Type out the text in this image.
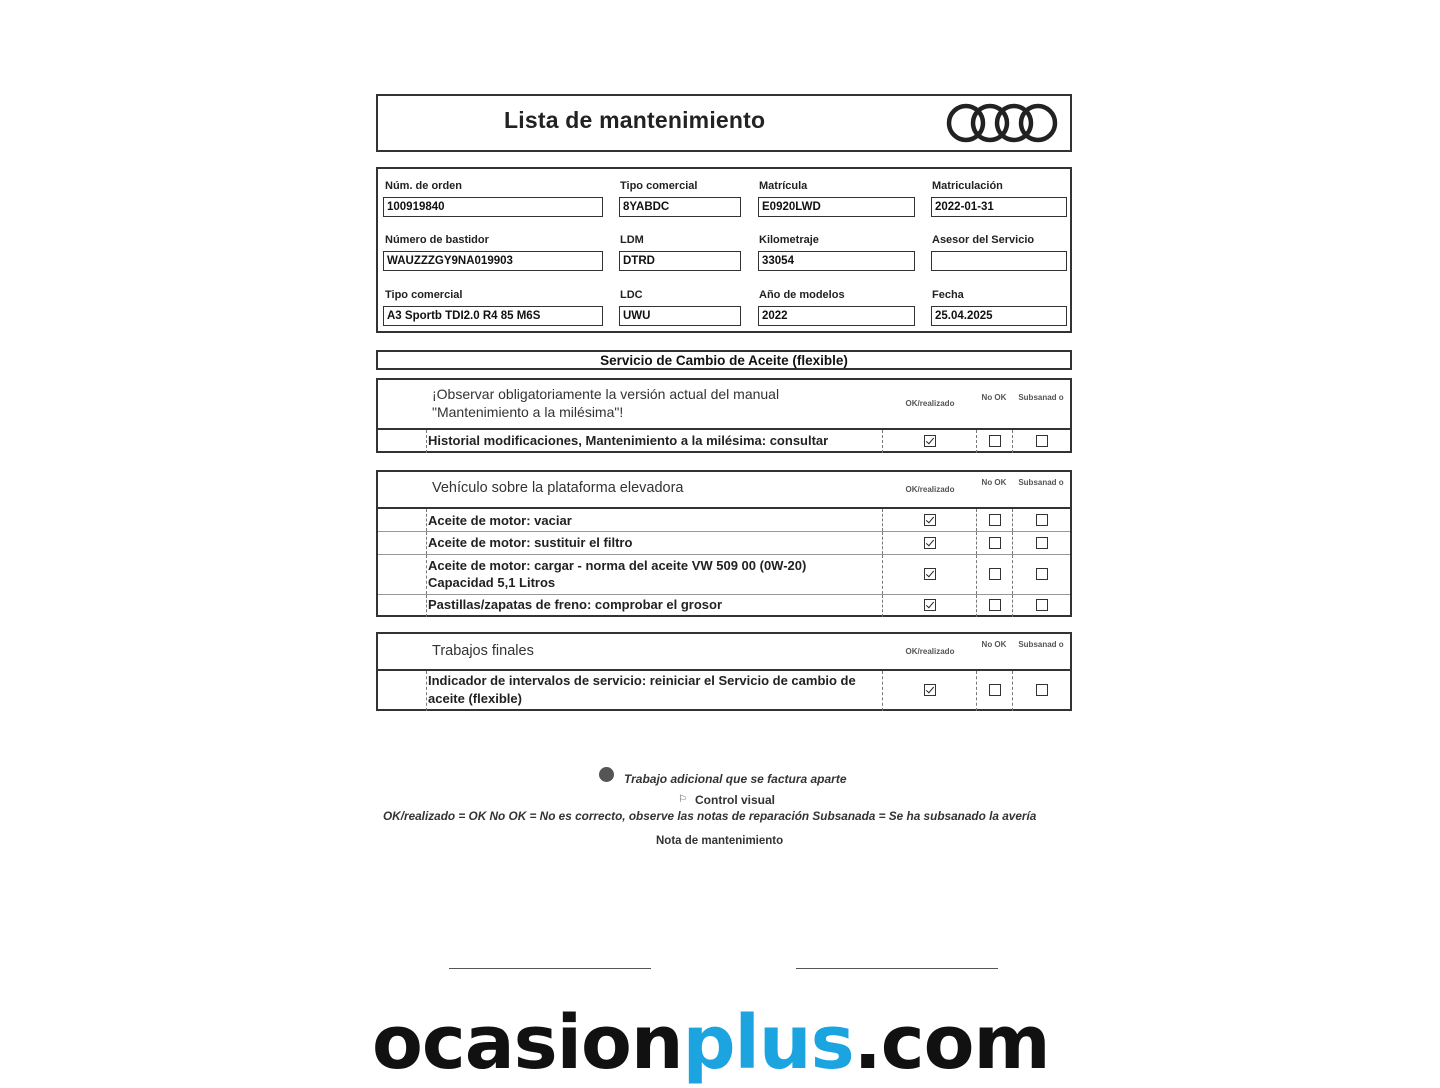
Lista de mantenimiento
Núm. de orden
100919840
Tipo comercial
8YABDC
Matrícula
E0920LWD
Matriculación
2022-01-31
Número de bastidor
WAUZZZGY9NA019903
LDM
DTRD
Kilometraje
33054
Asesor del Servicio
Tipo comercial
A3 Sportb TDI2.0 R4 85 M6S
LDC
UWU
Año de modelos
2022
Fecha
25.04.2025
Servicio de Cambio de Aceite (flexible)
¡Observar obligatoriamente la versión actual del manual
"Mantenimiento a la milésima"!
OK/realizado
No OK Subsanad o
Historial modificaciones, Mantenimiento a la milésima: consultar
Vehículo sobre la plataforma elevadora	OK/realizado
No OK Subsanad o
Aceite de motor: vaciar
Aceite de motor: sustituir el filtro
Aceite de motor: cargar - norma del aceite VW 509 00 (0W-20)
Capacidad 5,1 Litros
Pastillas/zapatas de freno: comprobar el grosor
Trabajos finales	OK/realizado
No OK Subsanad o
Indicador de intervalos de servicio: reiniciar el Servicio de cambio de
aceite (flexible)
Trabajo adicional que se factura aparte
⚐ Control visual
OK/realizado = OK No OK = No es correcto, observe las notas de reparación Subsanada = Se ha subsanado la avería
Nota de mantenimiento
ocasionplus.com
